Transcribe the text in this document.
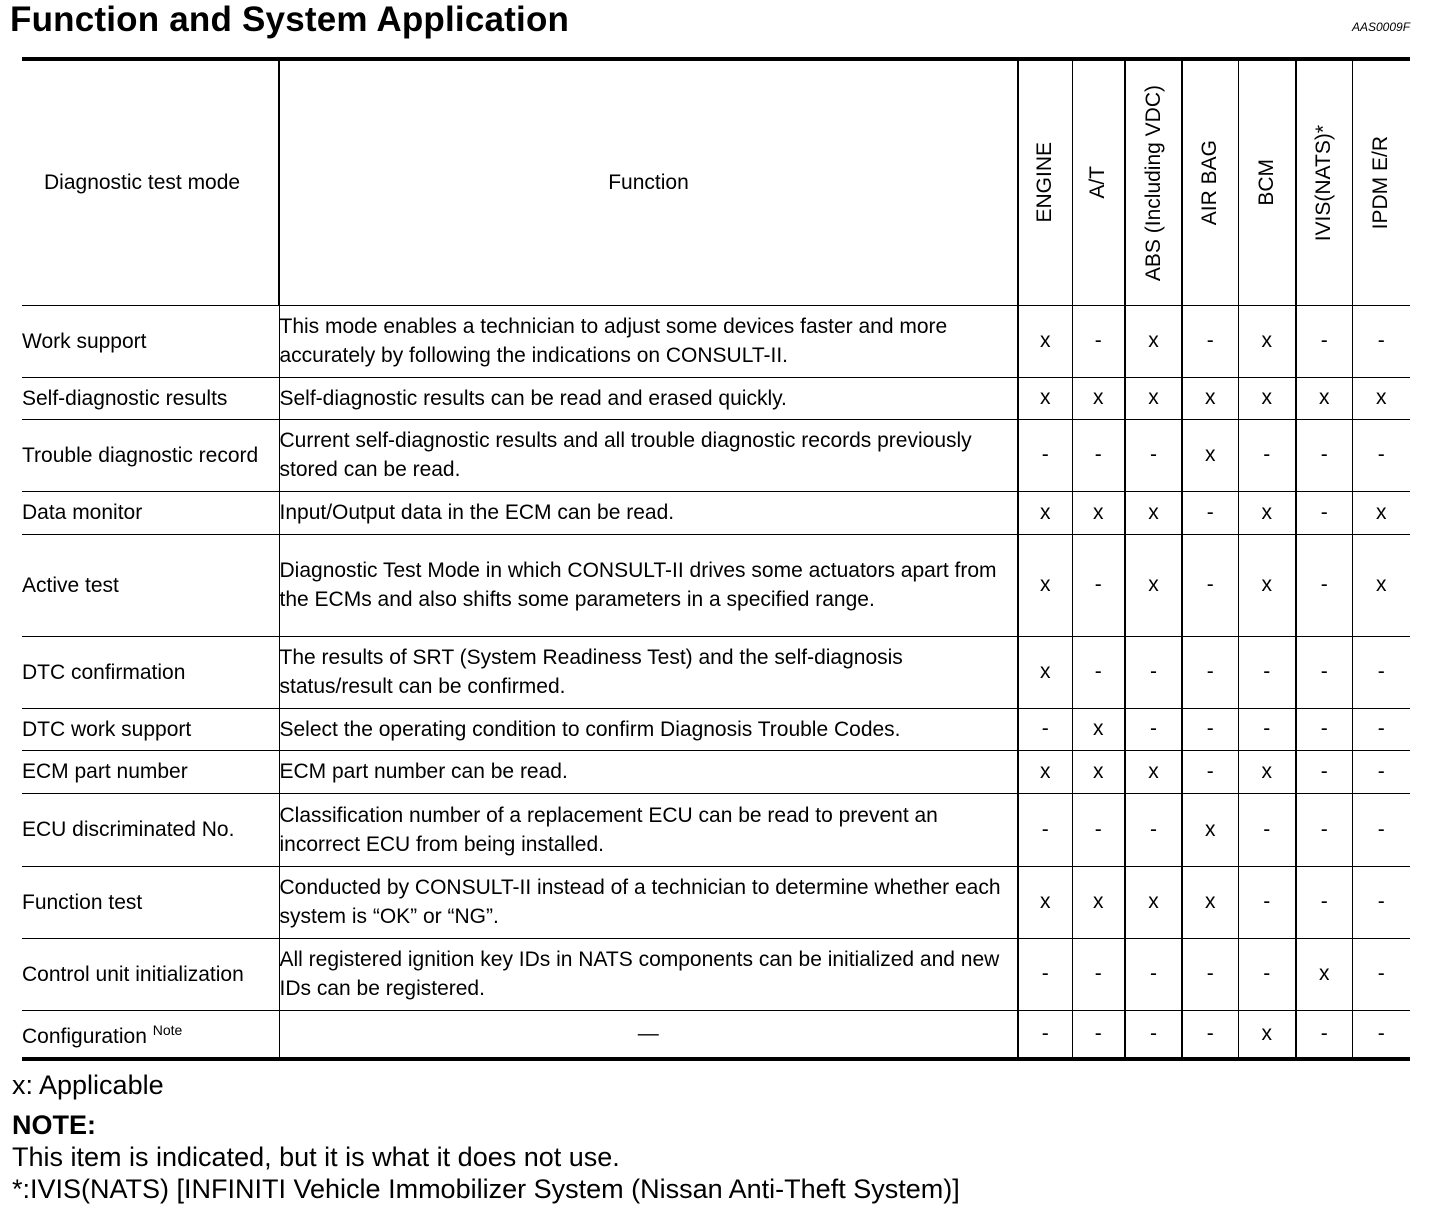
Function and System Application	AAS0009F
Diagnostic test mode	Function	ENGINE	A/T	ABS (Including VDC)	AIR BAG	BCM	IVIS(NATS)*	IPDM E/R

Work support	This mode enables a technician to adjust some devices faster and more accurately by following the indications on CONSULT-II.	x	-	x	-	x	-	-
Self-diagnostic results	Self-diagnostic results can be read and erased quickly.	x	x	x	x	x	x	x
Trouble diagnostic record	Current self-diagnostic results and all trouble diagnostic records previously stored can be read.	-	-	-	x	-	-	-
Data monitor	Input/Output data in the ECM can be read.	x	x	x	-	x	-	x
Active test	Diagnostic Test Mode in which CONSULT-II drives some actuators apart from the ECMs and also shifts some parameters in a specified range.	x	-	x	-	x	-	x
DTC confirmation	The results of SRT (System Readiness Test) and the self-diagnosis status/result can be confirmed.	x	-	-	-	-	-	-
DTC work support	Select the operating condition to confirm Diagnosis Trouble Codes.	-	x	-	-	-	-	-
ECM part number	ECM part number can be read.	x	x	x	-	x	-	-
ECU discriminated No.	Classification number of a replacement ECU can be read to prevent an incorrect ECU from being installed.	-	-	-	x	-	-	-
Function test	Conducted by CONSULT-II instead of a technician to determine whether each system is “OK” or “NG”.	x	x	x	x	-	-	-
Control unit initialization	All registered ignition key IDs in NATS components can be initialized and new IDs can be registered.	-	-	-	-	-	x	-
Configuration $^{Note}$	—	-	-	-	-	x	-	-
x: Applicable
NOTE:
This item is indicated, but it is what it does not use.
*:IVIS(NATS) [INFINITI Vehicle Immobilizer System (Nissan Anti-Theft System)]
